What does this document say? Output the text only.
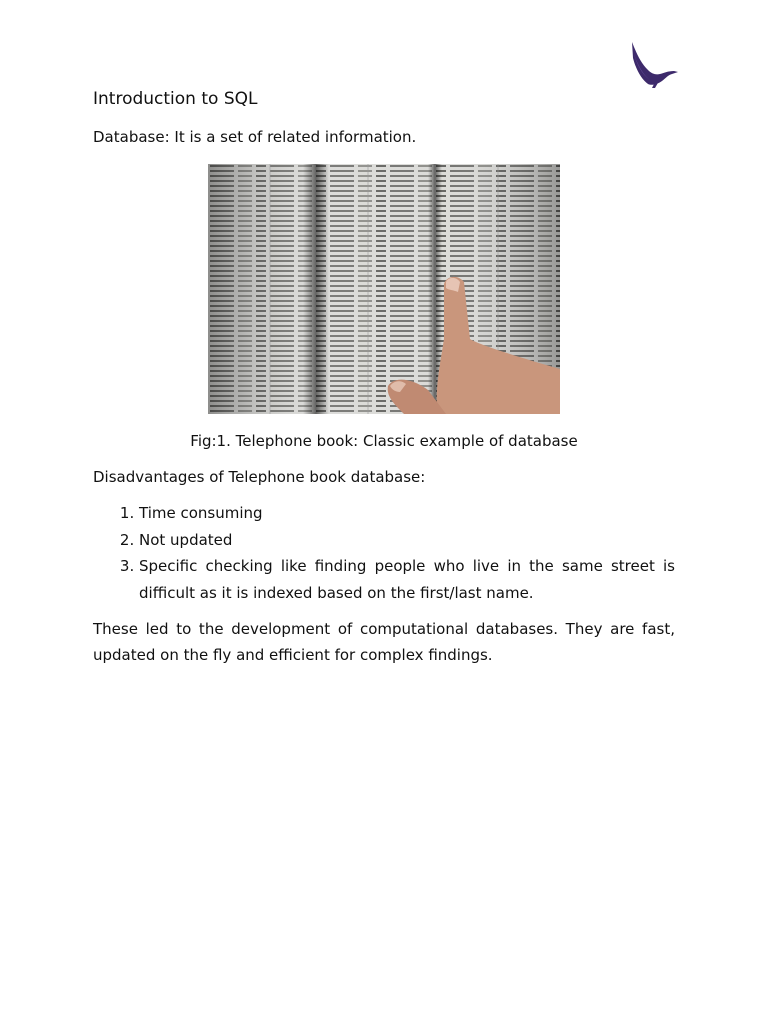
Introduction to SQL

Database: It is a set of related information.

Fig:1. Telephone book: Classic example of database

Disadvantages of Telephone book database:

1. Time consuming
2. Not updated
3. Specific checking like finding people who live in the same street is difficult as it is indexed based on the first/last name.

These led to the development of computational databases. They are fast, updated on the fly and efficient for complex findings.
